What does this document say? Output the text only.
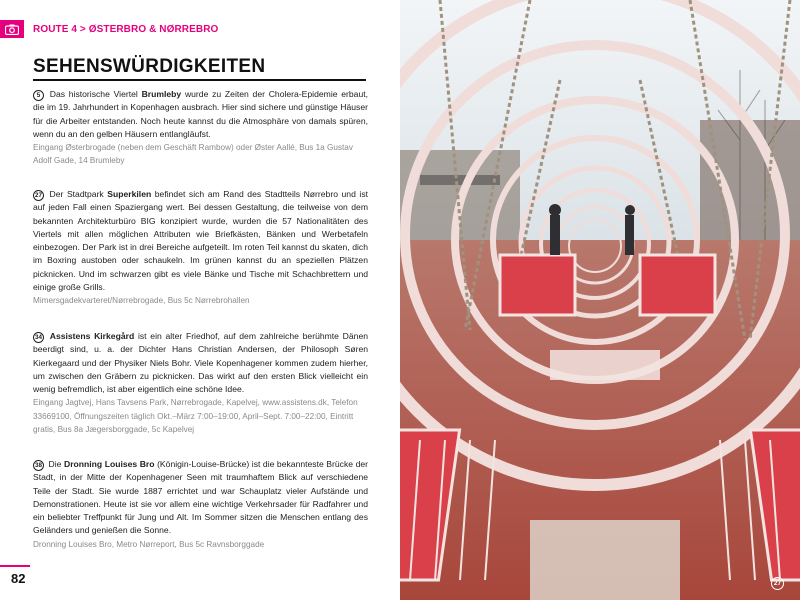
ROUTE 4 > ØSTERBRO & NØRREBRO
SEHENSWÜRDIGKEITEN

5 Das historische Viertel Brumleby wurde zu Zeiten der Cholera-Epidemie erbaut, die im 19. Jahrhundert in Kopenhagen ausbrach. Hier sind sichere und günstige Häuser für die Arbeiter entstanden. Noch heute kannst du die Atmosphäre von damals spüren, wenn du an den gelben Häusern entlangläufst.

Eingang Østerbrogade (neben dem Geschäft Rambow) oder Øster Aallé, Bus 1a Gustav Adolf Gade, 14 Brumleby

27 Der Stadtpark Superkilen befindet sich am Rand des Stadtteils Nørrebro und ist auf jeden Fall einen Spaziergang wert. Bei dessen Gestaltung, die teilweise von dem bekannten Architekturbüro BIG konzipiert wurde, wurden die 57 Nationalitäten des Viertels mit allen möglichen Attributen wie Briefkästen, Bänken und Werbetafeln einbezogen. Der Park ist in drei Bereiche aufgeteilt. Im roten Teil kannst du skaten, dich im Boxring austoben oder schaukeln. Im grünen kannst du an speziellen Plätzen picknicken. Und im schwarzen gibt es viele Bänke und Tische mit Schachbrettern und einige große Grills.

Mimersgadekvarteret/Nørrebrogade, Bus 5c Nørrebrohallen

34 Assistens Kirkegård ist ein alter Friedhof, auf dem zahlreiche berühmte Dänen beerdigt sind, u. a. der Dichter Hans Christian Andersen, der Philosoph Søren Kierkegaard und der Physiker Niels Bohr. Viele Kopenhagener kommen zudem hierher, um zwischen den Gräbern zu picknicken. Das wirkt auf den ersten Blick vielleicht ein wenig befremdlich, ist aber eigentlich eine schöne Idee.

Eingang Jagtvej, Hans Tavsens Park, Nørrebrogade, Kapelvej, www.assistens.dk, Telefon 33669100, Öffnungszeiten täglich Okt.–März 7:00–19:00, April–Sept. 7:00–22:00, Eintritt gratis, Bus 8a Jægersborggade, 5c Kapelvej

38 Die Dronning Louises Bro (Königin-Louise-Brücke) ist die bekannteste Brücke der Stadt, in der Mitte der Kopenhagener Seen mit traumhaftem Blick auf verschiedene Teile der Stadt. Sie wurde 1887 errichtet und war Schauplatz vieler Aufstände und Demonstrationen. Heute ist sie vor allem eine wichtige Verkehrsader für Radfahrer und ein beliebter Treffpunkt für Jung und Alt. Im Sommer sitzen die Menschen entlang des Geländers und genießen die Sonne.

Dronning Louises Bro, Metro Nørreport, Bus 5c Ravnsborggade

82	27
